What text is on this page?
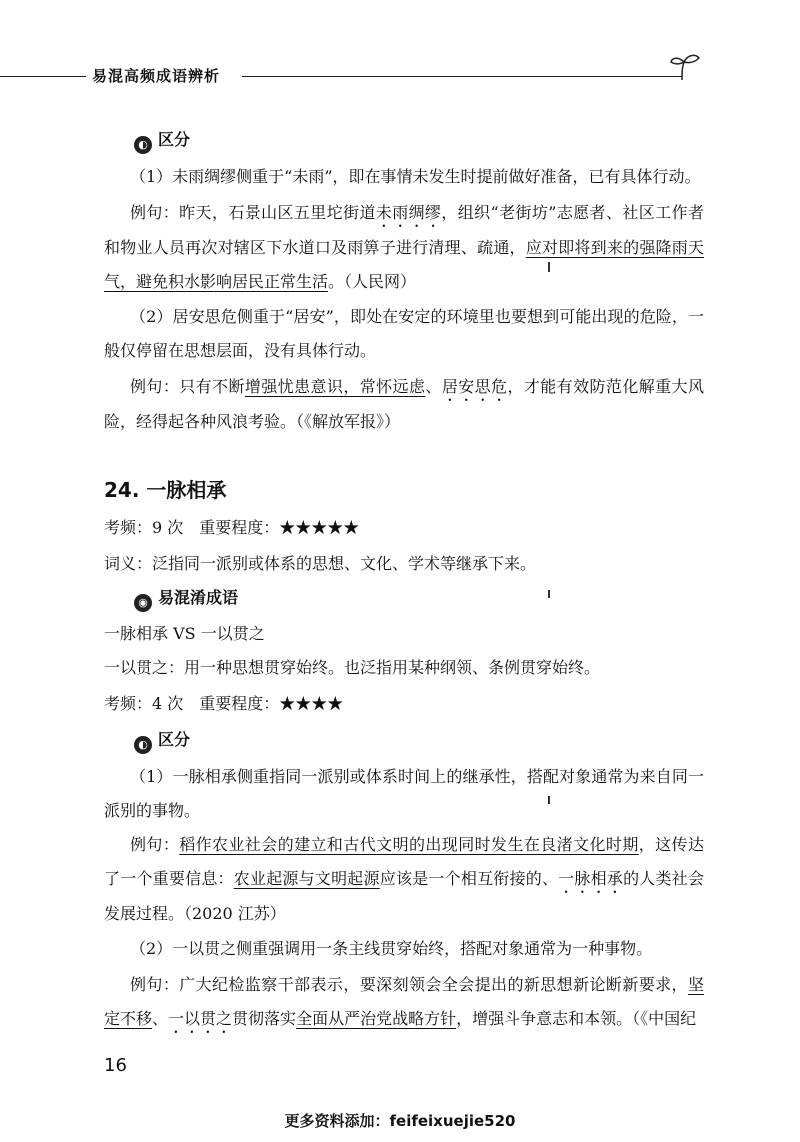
易混高频成语辨析
◐ 区分
（1）未雨绸缪侧重于“未雨”，即在事情未发生时提前做好准备，已有具体行动。
例句：昨天，石景山区五里坨街道未雨绸缪，组织“老街坊”志愿者、社区工作者和物业人员再次对辖区下水道口及雨箅子进行清理、疏通，应对即将到来的强降雨天气，避免积水影响居民正常生活。（人民网）
（2）居安思危侧重于“居安”，即处在安定的环境里也要想到可能出现的危险，一般仅停留在思想层面，没有具体行动。
例句：只有不断增强忧患意识，常怀远虑、居安思危，才能有效防范化解重大风险，经得起各种风浪考验。（《解放军报》）
24. 一脉相承
考频：9 次　重要程度：★★★★★
词义：泛指同一派别或体系的思想、文化、学术等继承下来。
◉ 易混淆成语
一脉相承 VS 一以贯之
一以贯之：用一种思想贯穿始终。也泛指用某种纲领、条例贯穿始终。
考频：4 次　重要程度：★★★★
◐ 区分
（1）一脉相承侧重指同一派别或体系时间上的继承性，搭配对象通常为来自同一派别的事物。
例句：稻作农业社会的建立和古代文明的出现同时发生在良渚文化时期，这传达了一个重要信息：农业起源与文明起源应该是一个相互衔接的、一脉相承的人类社会发展过程。（2020 江苏）
（2）一以贯之侧重强调用一条主线贯穿始终，搭配对象通常为一种事物。
例句：广大纪检监察干部表示，要深刻领会全会提出的新思想新论断新要求，坚定不移、一以贯之贯彻落实全面从严治党战略方针，增强斗争意志和本领。（《中国纪
16
更多资料添加：feifeixuejie520
